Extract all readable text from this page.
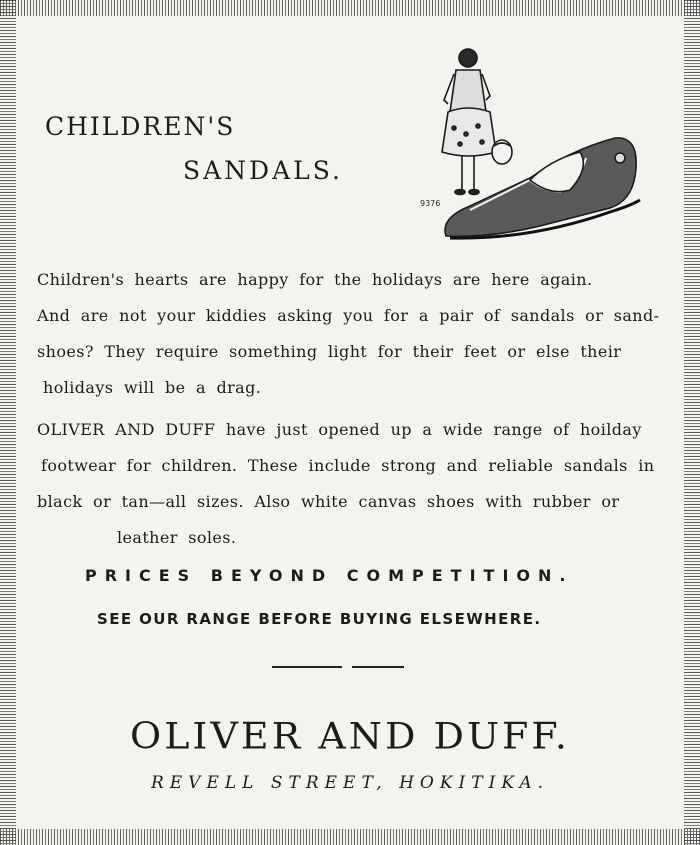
CHILDREN'S
SANDALS.
9376
Children's hearts are happy for the holidays are here again.
And are not your kiddies asking you for a pair of sandals or sand-
shoes? They require something light for their feet or else their
holidays will be a drag.
OLIVER AND DUFF have just opened up a wide range of hoilday
footwear for children. These include strong and reliable sandals in
black or tan—all sizes. Also white canvas shoes with rubber or
leather soles.
PRICES BEYOND COMPETITION.
SEE OUR RANGE BEFORE BUYING ELSEWHERE.
OLIVER AND DUFF.
REVELL STREET, HOKITIKA.
